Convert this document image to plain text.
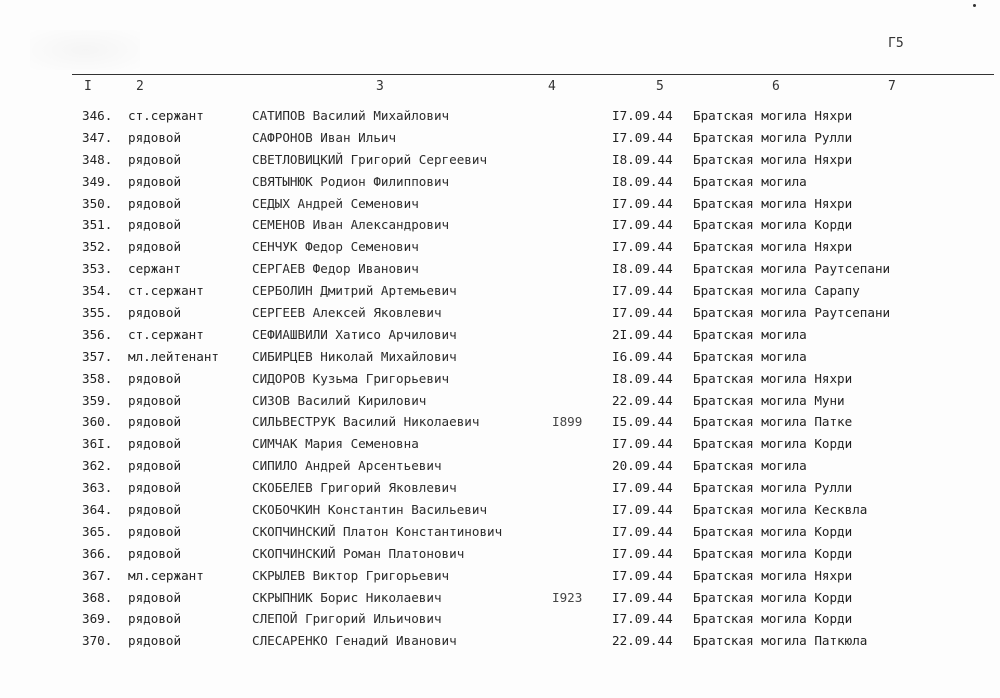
Г5
I	2	3	4	5	6	7
346. ст.сержант	САТИПОВ Василий Михайлович	I7.09.44 Братская могила Няхри
347. рядовой	САФРОНОВ Иван Ильич	I7.09.44 Братская могила Рулли
348. рядовой	СВЕТЛОВИЦКИЙ Григорий Сергеевич	I8.09.44 Братская могила Няхри
349. рядовой	СВЯТЫНЮК Родион Филиппович	I8.09.44 Братская могила
350. рядовой	СЕДЫХ Андрей Семенович	I7.09.44 Братская могила Няхри
351. рядовой	СЕМЕНОВ Иван Александрович	I7.09.44 Братская могила Корди
352. рядовой	СЕНЧУК Федор Семенович	I7.09.44 Братская могила Няхри
353. сержант	СЕРГАЕВ Федор Иванович	I8.09.44 Братская могила Раутсепани
354. ст.сержант	СЕРБОЛИН Дмитрий Артемьевич	I7.09.44 Братская могила Сарапу
355. рядовой	СЕРГЕЕВ Алексей Яковлевич	I7.09.44 Братская могила Раутсепани
356. ст.сержант	СЕФИАШВИЛИ Хатисо Арчилович	2I.09.44 Братская могила
357. мл.лейтенант	СИБИРЦЕВ Николай Михайлович	I6.09.44 Братская могила
358. рядовой	СИДОРОВ Кузьма Григорьевич	I8.09.44 Братская могила Няхри
359. рядовой	СИЗОВ Василий Кирилович	22.09.44 Братская могила Муни
360. рядовой	СИЛЬВЕСТРУК Василий Николаевич	I899 I5.09.44 Братская могила Патке
36I. рядовой	СИМЧАК Мария Семеновна	I7.09.44 Братская могила Корди
362. рядовой	СИПИЛО Андрей Арсентьевич	20.09.44 Братская могила
363. рядовой	СКОБЕЛЕВ Григорий Яковлевич	I7.09.44 Братская могила Рулли
364. рядовой	СКОБОЧКИН Константин Васильевич	I7.09.44 Братская могила Кесквла
365. рядовой	СКОПЧИНСКИЙ Платон Константинович	I7.09.44 Братская могила Корди
366. рядовой	СКОПЧИНСКИЙ Роман Платонович	I7.09.44 Братская могила Корди
367. мл.сержант	СКРЫЛЕВ Виктор Григорьевич	I7.09.44 Братская могила Няхри
368. рядовой	СКРЫПНИК Борис Николаевич	I923 I7.09.44 Братская могила Корди
369. рядовой	СЛЕПОЙ Григорий Ильичович	I7.09.44 Братская могила Корди
370. рядовой	СЛЕСАРЕНКО Генадий Иванович	22.09.44 Братская могила Паткюла
